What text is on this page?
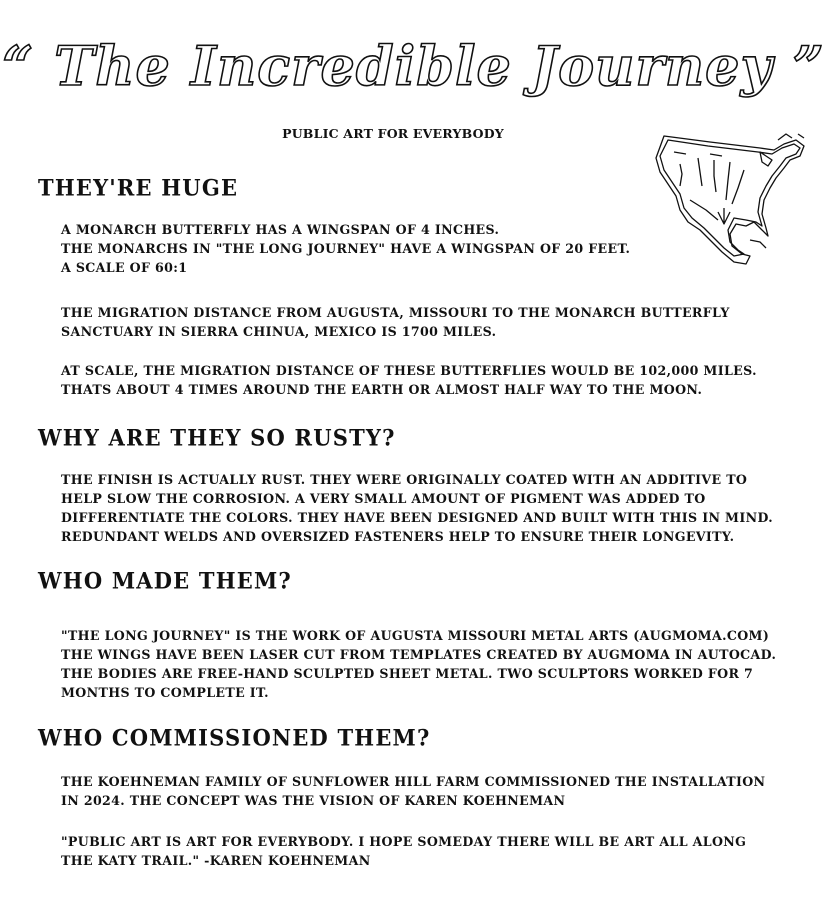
“ The Incredible Journey ”
PUBLIC ART FOR EVERYBODY
THEY'RE HUGE
A MONARCH BUTTERFLY HAS A WINGSPAN OF 4 INCHES.
THE MONARCHS IN "THE LONG JOURNEY" HAVE A WINGSPAN OF 20 FEET.
A SCALE OF 60:1
THE MIGRATION DISTANCE FROM AUGUSTA, MISSOURI TO THE MONARCH BUTTERFLY
SANCTUARY IN SIERRA CHINUA, MEXICO IS 1700 MILES.
AT SCALE, THE MIGRATION DISTANCE OF THESE BUTTERFLIES WOULD BE 102,000 MILES.
THATS ABOUT 4 TIMES AROUND THE EARTH OR ALMOST HALF WAY TO THE MOON.
WHY ARE THEY SO RUSTY?
THE FINISH IS ACTUALLY RUST. THEY WERE ORIGINALLY COATED WITH AN ADDITIVE TO
HELP SLOW THE CORROSION. A VERY SMALL AMOUNT OF PIGMENT WAS ADDED TO
DIFFERENTIATE THE COLORS. THEY HAVE BEEN DESIGNED AND BUILT WITH THIS IN MIND.
REDUNDANT WELDS AND OVERSIZED FASTENERS HELP TO ENSURE THEIR LONGEVITY.
WHO MADE THEM?
"THE LONG JOURNEY" IS THE WORK OF AUGUSTA MISSOURI METAL ARTS (AUGMOMA.COM)
THE WINGS HAVE BEEN LASER CUT FROM TEMPLATES CREATED BY AUGMOMA IN AUTOCAD.
THE BODIES ARE FREE-HAND SCULPTED SHEET METAL. TWO SCULPTORS WORKED FOR 7
MONTHS TO COMPLETE IT.
WHO COMMISSIONED THEM?
THE KOEHNEMAN FAMILY OF SUNFLOWER HILL FARM COMMISSIONED THE INSTALLATION
IN 2024. THE CONCEPT WAS THE VISION OF KAREN KOEHNEMAN
"PUBLIC ART IS ART FOR EVERYBODY. I HOPE SOMEDAY THERE WILL BE ART ALL ALONG
THE KATY TRAIL." -KAREN KOEHNEMAN
